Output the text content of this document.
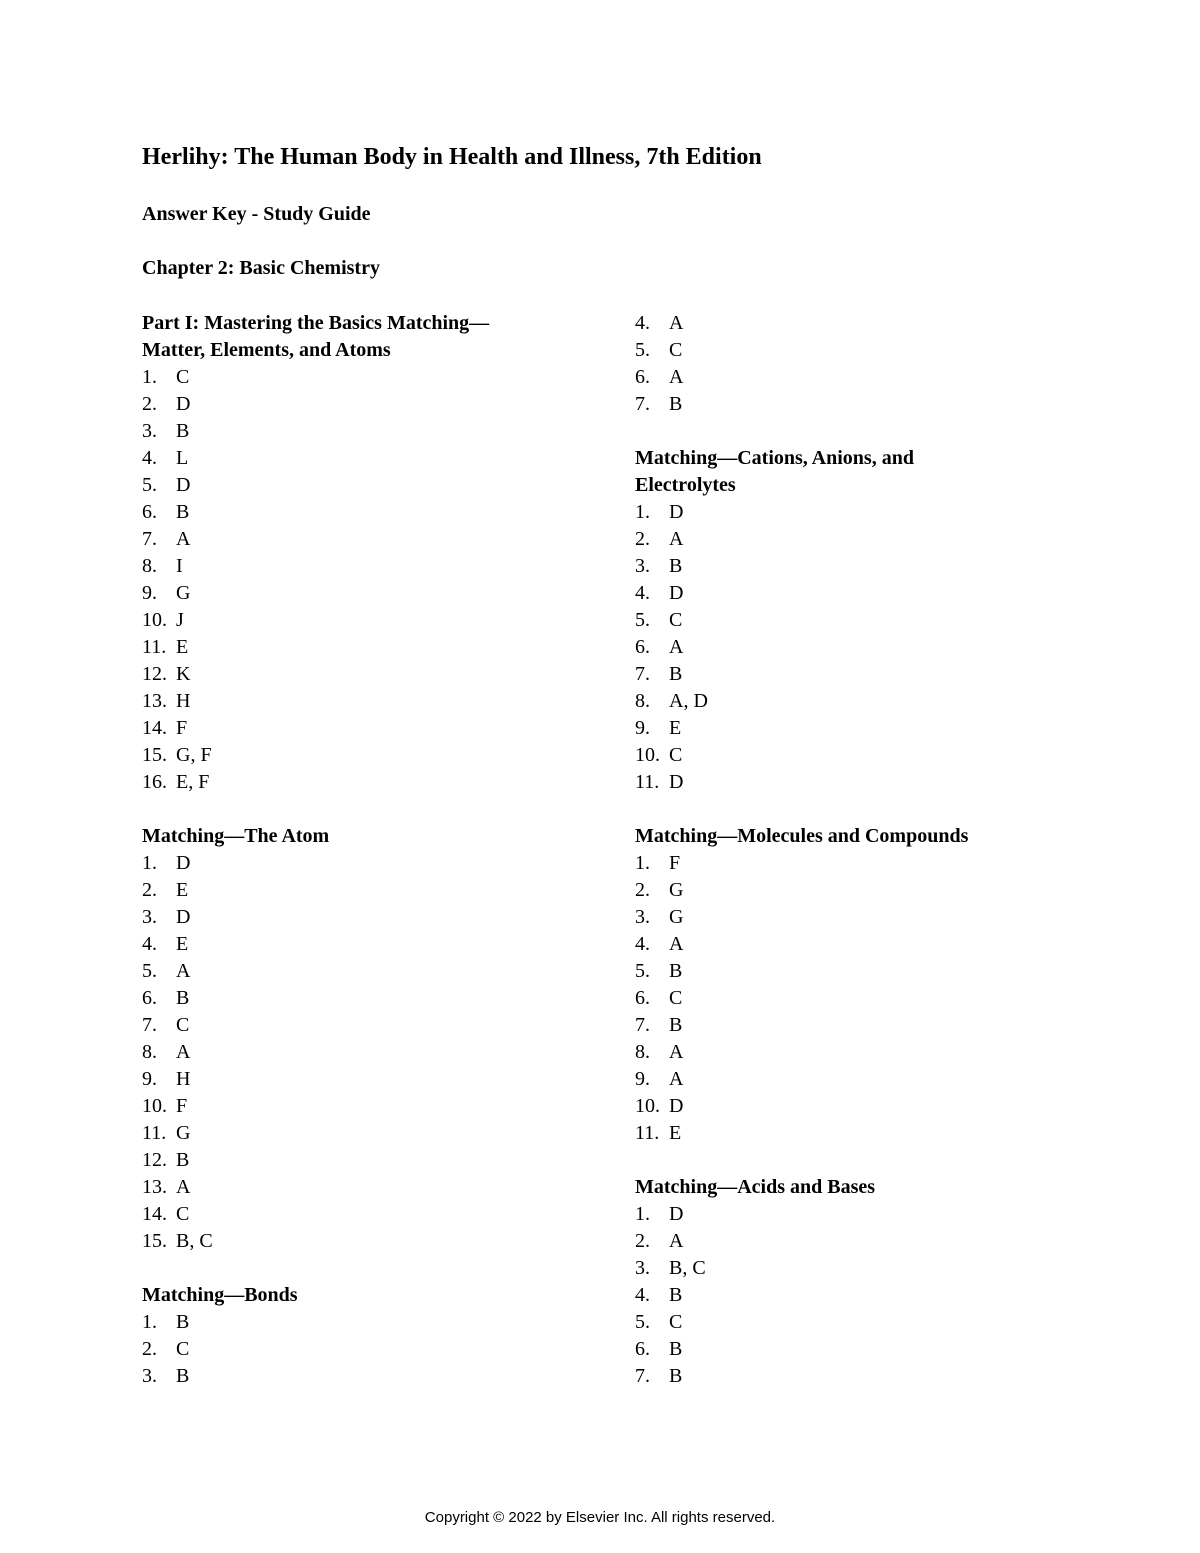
Herlihy: The Human Body in Health and Illness, 7th Edition
Answer Key - Study Guide
Chapter 2: Basic Chemistry
Part I: Mastering the Basics Matching—
Matter, Elements, and Atoms
1. C
2. D
3. B
4. L
5. D
6. B
7. A
8. I
9. G
10. J
11. E
12. K
13. H
14. F
15. G, F
16. E, F
Matching—The Atom
1. D
2. E
3. D
4. E
5. A
6. B
7. C
8. A
9. H
10. F
11. G
12. B
13. A
14. C
15. B, C
Matching—Bonds
1. B
2. C
3. B
4. A
5. C
6. A
7. B
Matching—Cations, Anions, and
Electrolytes
1. D
2. A
3. B
4. D
5. C
6. A
7. B
8. A, D
9. E
10. C
11. D
Matching—Molecules and Compounds
1. F
2. G
3. G
4. A
5. B
6. C
7. B
8. A
9. A
10. D
11. E
Matching—Acids and Bases
1. D
2. A
3. B, C
4. B
5. C
6. B
7. B
Copyright © 2022 by Elsevier Inc. All rights reserved.
